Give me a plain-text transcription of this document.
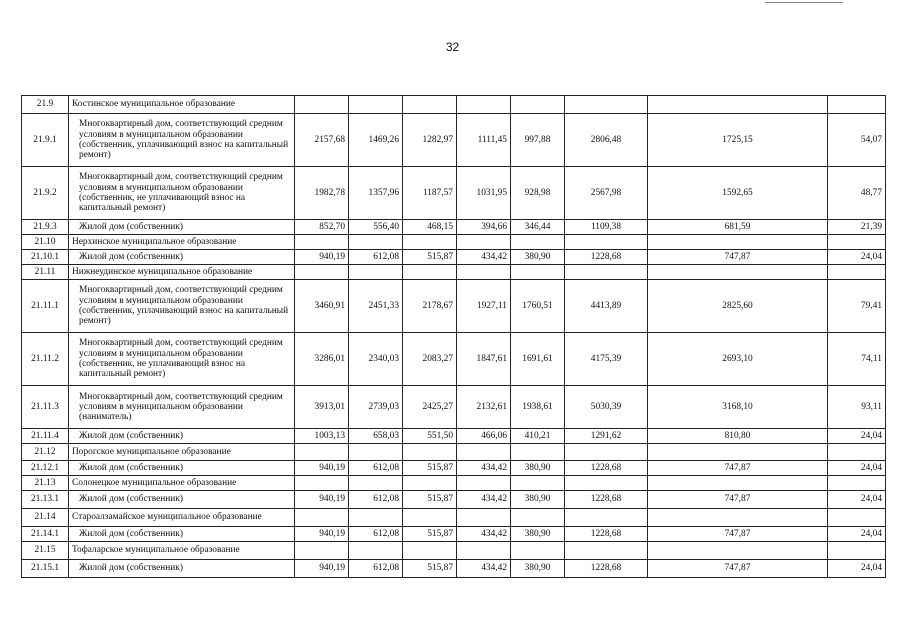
32
21.9	Костинское муниципальное образование								
21.9.1	Многоквартирный дом, соответствующий средним условиям в муниципальном образовании (собственник, уплачивающий взнос на капитальный ремонт)	2157,68	1469,26	1282,97	1111,45	997,88	2806,48	1725,15	54,07
21.9.2	Многоквартирный дом, соответствующий средним условиям в муниципальном образовании (собственник, не уплачивающий взнос на капитальный ремонт)	1982,78	1357,96	1187,57	1031,95	928,98	2567,98	1592,65	48,77
21.9.3	Жилой дом (собственник)	852,70	556,40	468,15	394,66	346,44	1109,38	681,59	21,39
21.10	Нерхинское муниципальное образование								
21.10.1	Жилой дом (собственник)	940,19	612,08	515,87	434,42	380,90	1228,68	747,87	24,04
21.11	Нижнеудинское муниципальное образование								
21.11.1	Многоквартирный дом, соответствующий средним условиям в муниципальном образовании (собственник, уплачивающий взнос на капитальный ремонт)	3460,91	2451,33	2178,67	1927,11	1760,51	4413,89	2825,60	79,41
21.11.2	Многоквартирный дом, соответствующий средним условиям в муниципальном образовании (собственник, не уплачивающий взнос на капитальный ремонт)	3286,01	2340,03	2083,27	1847,61	1691,61	4175,39	2693,10	74,11
21.11.3	Многоквартирный дом, соответствующий средним условиям в муниципальном образовании (наниматель)	3913,01	2739,03	2425,27	2132,61	1938,61	5030,39	3168,10	93,11
21.11.4	Жилой дом (собственник)	1003,13	658,03	551,50	466,06	410,21	1291,62	810,80	24,04
21.12	Порогское муниципальное образование								
21.12.1	Жилой дом (собственник)	940,19	612,08	515,87	434,42	380,90	1228,68	747,87	24,04
21.13	Солонецкое муниципальное образование								
21.13.1	Жилой дом (собственник)	940,19	612,08	515,87	434,42	380,90	1228,68	747,87	24,04
21.14	Староалзамайское муниципальное образование								
21.14.1	Жилой дом (собственник)	940,19	612,08	515,87	434,42	380,90	1228,68	747,87	24,04
21.15	Тофаларское муниципальное образование								
21.15.1	Жилой дом (собственник)	940,19	612,08	515,87	434,42	380,90	1228,68	747,87	24,04
